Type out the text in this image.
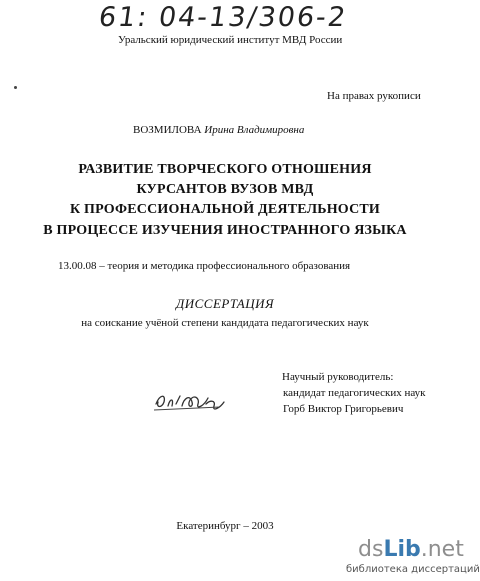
61: 04-13/306-2
Уральский юридический институт МВД России
На правах рукописи
ВОЗМИЛОВА Ирина Владимировна
РАЗВИТИЕ ТВОРЧЕСКОГО ОТНОШЕНИЯ
КУРСАНТОВ ВУЗОВ МВД
К ПРОФЕССИОНАЛЬНОЙ ДЕЯТЕЛЬНОСТИ
В ПРОЦЕССЕ ИЗУЧЕНИЯ ИНОСТРАННОГО ЯЗЫКА
13.00.08 – теория и методика профессионального образования
ДИССЕРТАЦИЯ
на соискание учёной степени кандидата педагогических наук
Научный руководитель:
кандидат педагогических наук
Горб Виктор Григорьевич
Екатеринбург – 2003
dsLib.net
библиотека диссертаций
